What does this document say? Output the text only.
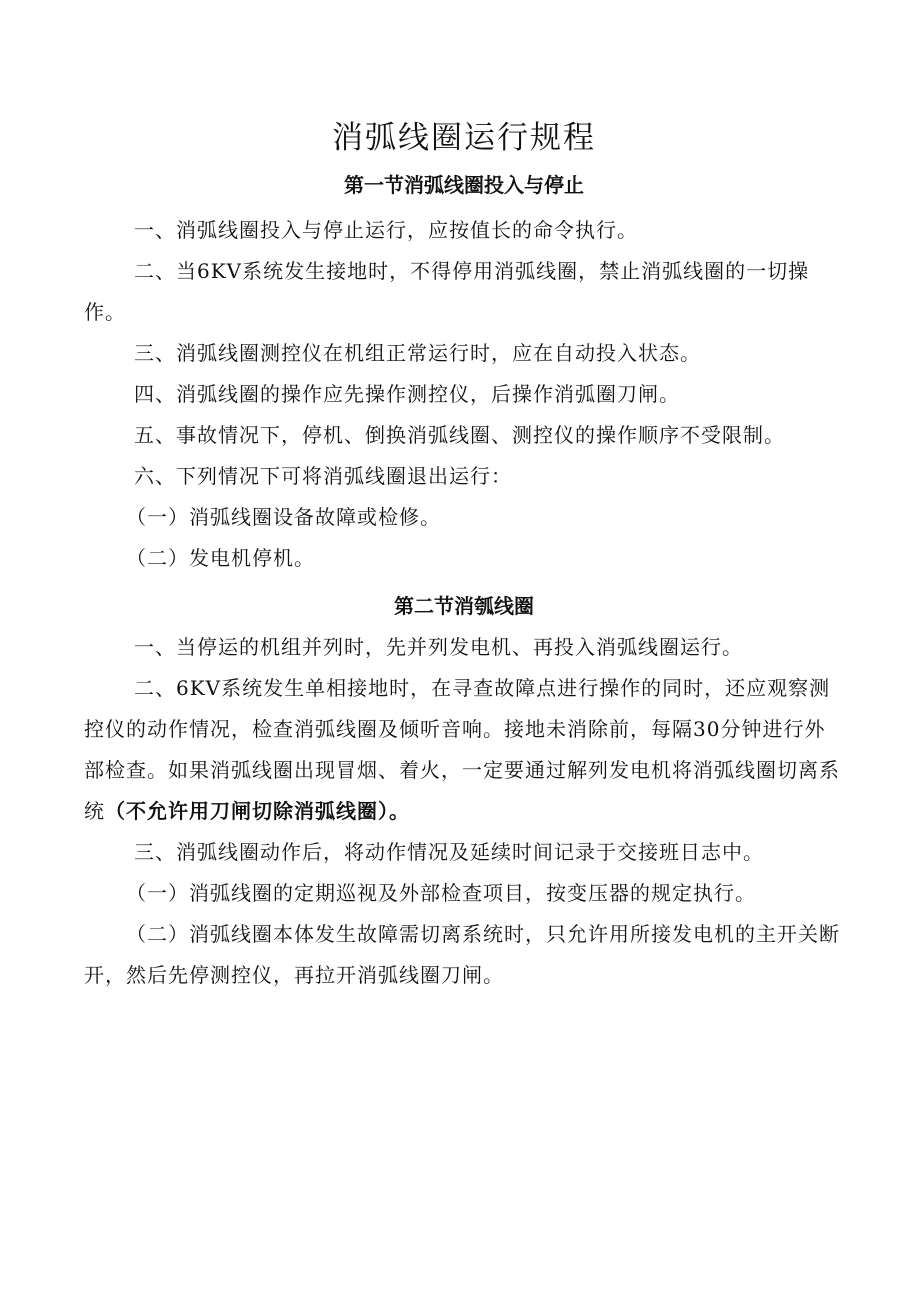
消弧线圈运行规程
第一节消弧线圈投入与停止

一、消弧线圈投入与停止运行，应按值长的命令执行。

二、当6KV系统发生接地时，不得停用消弧线圈，禁止消弧线圈的一切操作。

三、消弧线圈测控仪在机组正常运行时，应在自动投入状态。

四、消弧线圈的操作应先操作测控仪，后操作消弧圈刀闸。

五、事故情况下，停机、倒换消弧线圈、测控仪的操作顺序不受限制。

六、下列情况下可将消弧线圈退出运行：

（一）消弧线圈设备故障或检修。

（二）发电机停机。

第二节消瓠线圈

一、当停运的机组并列时，先并列发电机、再投入消弧线圈运行。

二、6KV系统发生单相接地时，在寻查故障点进行操作的同时，还应观察测控仪的动作情况，检查消弧线圈及倾听音响。接地未消除前，每隔30分钟进行外部检查。如果消弧线圈出现冒烟、着火，一定要通过解列发电机将消弧线圈切离系统（不允许用刀闸切除消弧线圈）。

三、消弧线圈动作后，将动作情况及延续时间记录于交接班日志中。

（一）消弧线圈的定期巡视及外部检查项目，按变压器的规定执行。

（二）消弧线圈本体发生故障需切离系统时，只允许用所接发电机的主开关断开，然后先停测控仪，再拉开消弧线圈刀闸。
